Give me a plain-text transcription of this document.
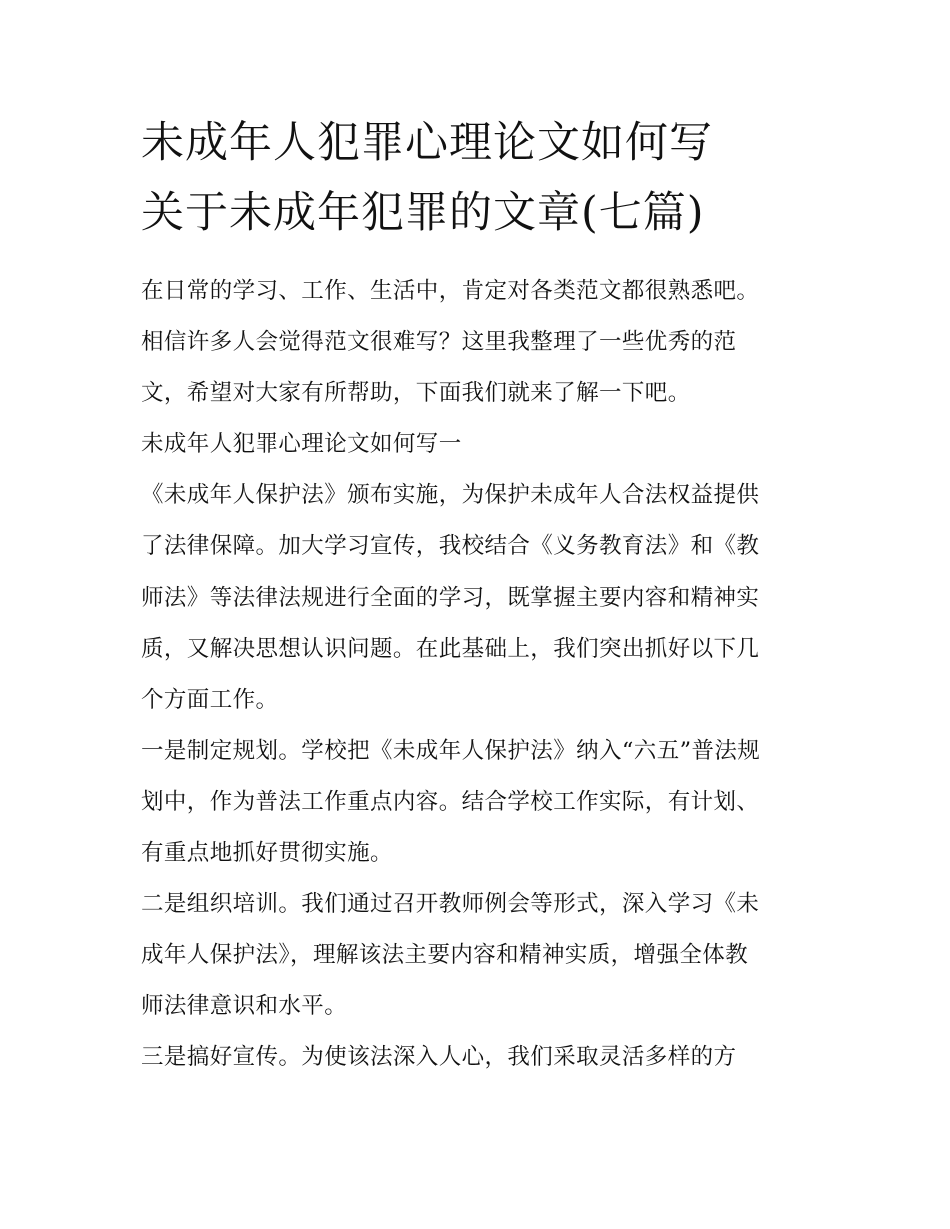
未成年人犯罪心理论文如何写
关于未成年犯罪的文章(七篇)

在日常的学习、工作、生活中，肯定对各类范文都很熟悉吧。
相信许多人会觉得范文很难写？这里我整理了一些优秀的范
文，希望对大家有所帮助，下面我们就来了解一下吧。

未成年人犯罪心理论文如何写一

《未成年人保护法》颁布实施，为保护未成年人合法权益提供
了法律保障。加大学习宣传，我校结合《义务教育法》和《教
师法》等法律法规进行全面的学习，既掌握主要内容和精神实
质，又解决思想认识问题。在此基础上，我们突出抓好以下几
个方面工作。

一是制定规划。学校把《未成年人保护法》纳入“六五”普法规
划中，作为普法工作重点内容。结合学校工作实际，有计划、
有重点地抓好贯彻实施。

二是组织培训。我们通过召开教师例会等形式，深入学习《未
成年人保护法》，理解该法主要内容和精神实质，增强全体教
师法律意识和水平。

三是搞好宣传。为使该法深入人心，我们采取灵活多样的方
